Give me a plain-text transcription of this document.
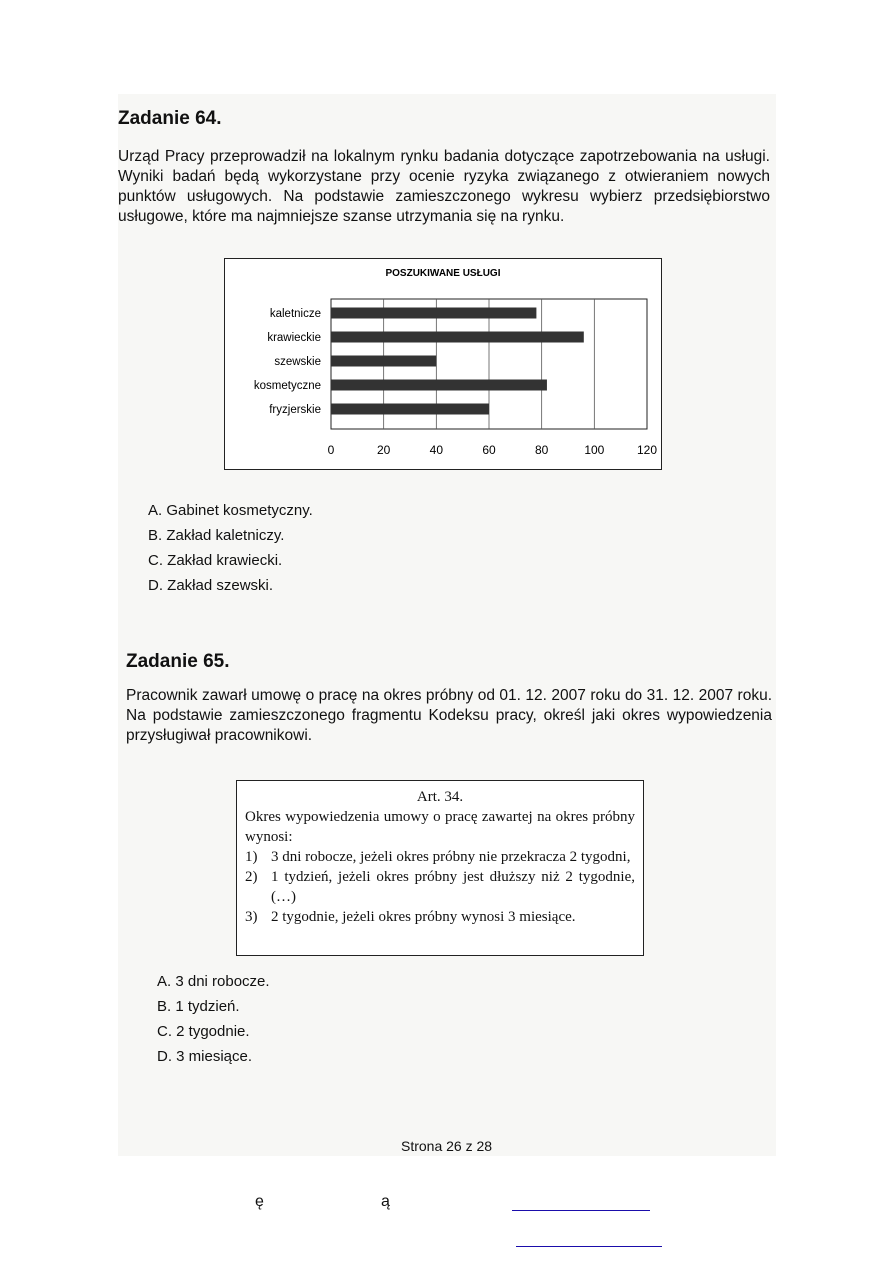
Zadanie 64.
Urząd Pracy przeprowadził na lokalnym rynku badania dotyczące zapotrzebowania na usługi. Wyniki badań będą wykorzystane przy ocenie ryzyka związanego z otwieraniem nowych punktów usługowych. Na podstawie zamieszczonego wykresu wybierz przedsiębiorstwo usługowe, które ma najmniejsze szanse utrzymania się na rynku.
POSZUKIWANE USŁUGI
0	20	40	60	80	100	120
kaletnicze
krawieckie
szewskie
kosmetyczne
fryzjerskie
A. Gabinet kosmetyczny.
B. Zakład kaletniczy.
C. Zakład krawiecki.
D. Zakład szewski.
Zadanie 65.
Pracownik zawarł umowę o pracę na okres próbny od 01. 12. 2007 roku do 31. 12. 2007 roku. Na podstawie zamieszczonego fragmentu Kodeksu pracy, określ jaki okres wypowiedzenia przysługiwał pracownikowi.
Art. 34.
Okres wypowiedzenia umowy o pracę zawartej na okres próbny wynosi:
1) 3 dni robocze, jeżeli okres próbny nie przekracza 2 tygodni,
2) 1 tydzień, jeżeli okres próbny jest dłuższy niż 2 tygodnie, (…)
3) 2 tygodnie, jeżeli okres próbny wynosi 3 miesiące.
A. 3 dni robocze.
B. 1 tydzień.
C. 2 tygodnie.
D. 3 miesiące.
Strona 26 z 28
ę	ą
